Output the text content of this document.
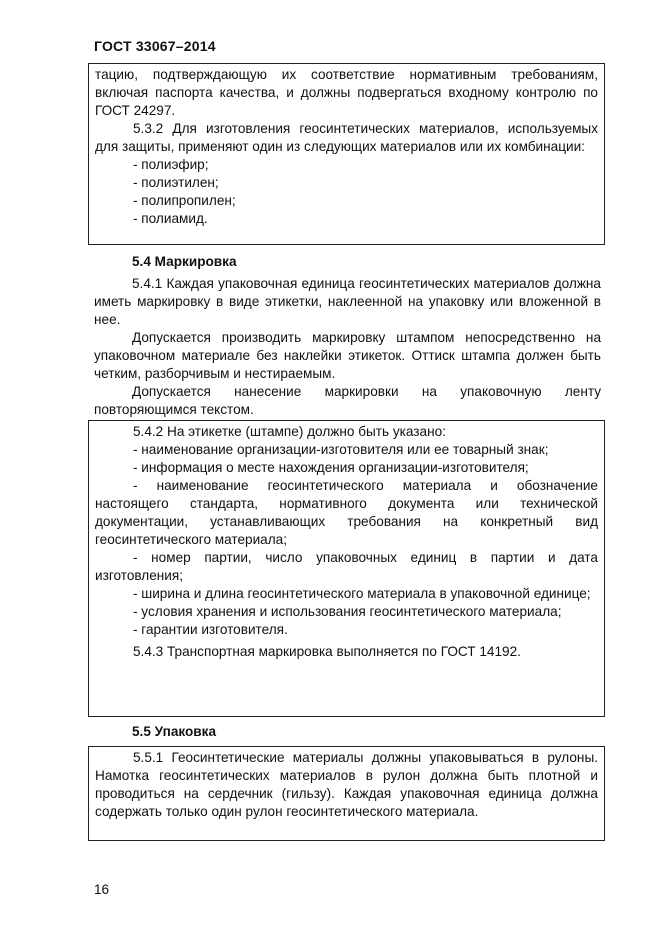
ГОСТ 33067–2014

тацию, подтверждающую их соответствие нормативным требованиям, включая паспорта качества, и должны подвергаться входному контролю по ГОСТ 24297.

5.3.2 Для изготовления геосинтетических материалов, используемых для защиты, применяют один из следующих материалов или их комбинации:

- полиэфир;

- полиэтилен;

- полипропилен;

- полиамид.

5.4 Маркировка

5.4.1 Каждая упаковочная единица геосинтетических материалов должна иметь маркировку в виде этикетки, наклеенной на упаковку или вложенной в нее.

Допускается производить маркировку штампом непосредственно на упаковочном материале без наклейки этикеток. Оттиск штампа должен быть четким, разборчивым и нестираемым.

Допускается нанесение маркировки на упаковочную ленту повторяющимся текстом.

5.4.2 На этикетке (штампе) должно быть указано:

- наименование организации-изготовителя или ее товарный знак;

- информация о месте нахождения организации-изготовителя;

- наименование геосинтетического материала и обозначение настоящего стандарта, нормативного документа или технической документации, устанавливающих требования на конкретный вид геосинтетического материала;

- номер партии, число упаковочных единиц в партии и дата изготовления;

- ширина и длина геосинтетического материала в упаковочной единице;

- условия хранения и использования геосинтетического материала;

- гарантии изготовителя.

5.4.3 Транспортная маркировка выполняется по ГОСТ 14192.

5.5 Упаковка

5.5.1 Геосинтетические материалы должны упаковываться в рулоны. Намотка геосинтетических материалов в рулон должна быть плотной и проводиться на сердечник (гильзу). Каждая упаковочная единица должна содержать только один рулон геосинтетического материала.

16
